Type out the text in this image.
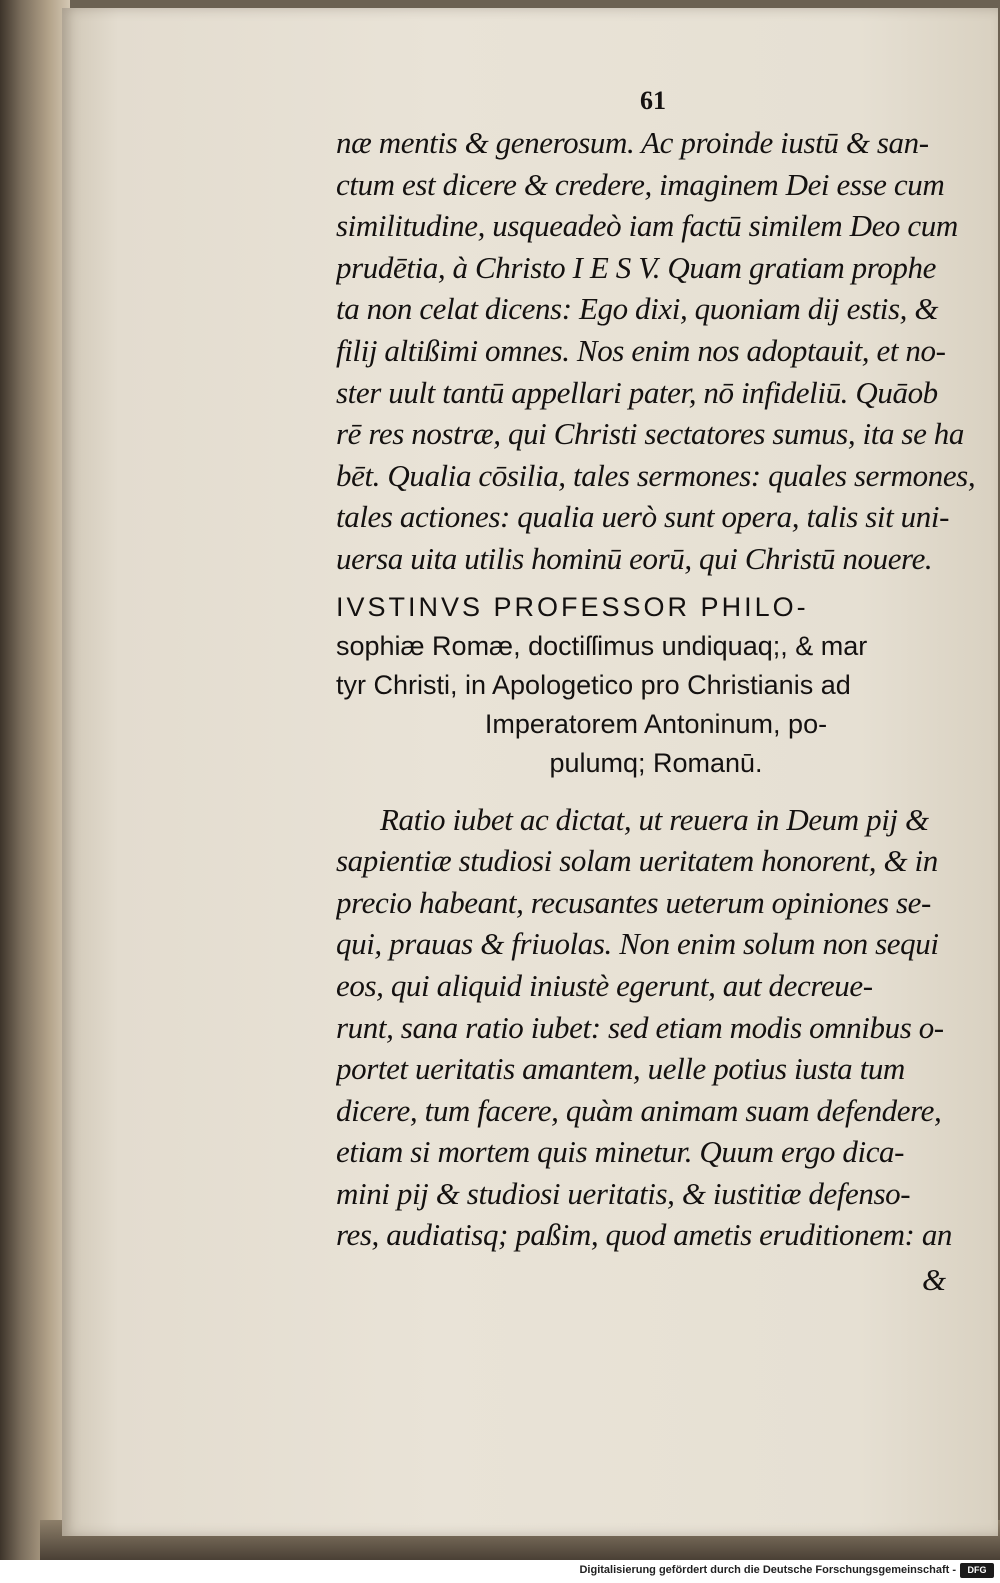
61
næ mentis & generosum. Ac proinde iustū & san-
ctum est dicere & credere, imaginem Dei esse cum
similitudine, usqueadeò iam factū similem Deo cum
prudētia, à Christo I E S V. Quam gratiam prophe
ta non celat dicens: Ego dixi, quoniam dij estis, &
filij altißimi omnes. Nos enim nos adoptauit, et no-
ster uult tantū appellari pater, nō infideliū. Quāob
rē res nostræ, qui Christi sectatores sumus, ita se ha
bēt. Qualia cōsilia, tales sermones: quales sermones,
tales actiones: qualia uerò sunt opera, talis sit uni-
uersa uita utilis hominū eorū, qui Christū nouere.
IVSTINVS PROFESSOR PHILO-
sophiæ Romæ, doctiſſimus undiquaq;, & mar
tyr Christi, in Apologetico pro Christianis ad
Imperatorem Antoninum, po-
pulumq; Romanū.
Ratio iubet ac dictat, ut reuera in Deum pij &
sapientiæ studiosi solam ueritatem honorent, & in
precio habeant, recusantes ueterum opiniones se-
qui, prauas & friuolas. Non enim solum non sequi
eos, qui aliquid iniustè egerunt, aut decreue-
runt, sana ratio iubet: sed etiam modis omnibus o-
portet ueritatis amantem, uelle potius iusta tum
dicere, tum facere, quàm animam suam defendere,
etiam si mortem quis minetur. Quum ergo dica-
mini pij & studiosi ueritatis, & iustitiæ defenso-
res, audiatisq; paßim, quod ametis eruditionem: an
&
Digitalisierung gefördert durch die Deutsche Forschungsgemeinschaft -	DFG
